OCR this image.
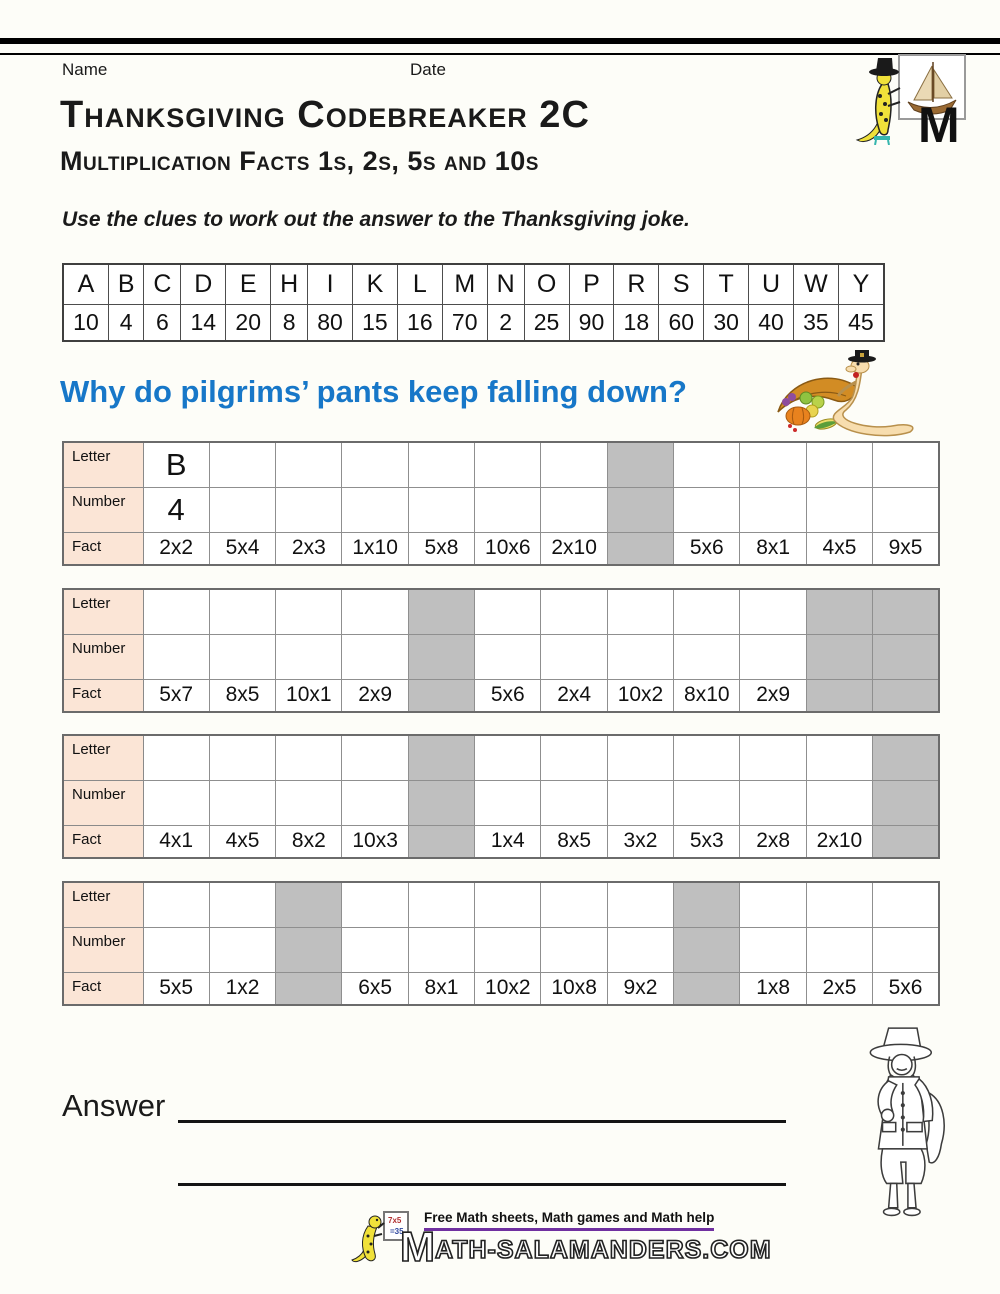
Name	Date
M
Thanksgiving Codebreaker 2C
Multiplication Facts 1s, 2s, 5s and 10s

Use the clues to work out the answer to the Thanksgiving joke.

A	B	C	D	E	H	I	K	L	M	N	O	P	R	S	T	U	W	Y
10	4	6	14	20	8	80	15	16	70	2	25	90	18	60	30	40	35	45
Why do pilgrims’ pants keep falling down?
Letter	B											
Number	4											
Fact	2x2	5x4	2x3	1x10	5x8	10x6	2x10		5x6	8x1	4x5	9x5
Letter												
Number												
Fact	5x7	8x5	10x1	2x9		5x6	2x4	10x2	8x10	2x9		
Letter												
Number												
Fact	4x1	4x5	8x2	10x3		1x4	8x5	3x2	5x3	2x8	2x10	
Letter												
Number												
Fact	5x5	1x2		6x5	8x1	10x2	10x8	9x2		1x8	2x5	5x6
Answer
7x5
=35
Free Math sheets, Math games and Math help
M ATH-SALAMANDERS.COM
